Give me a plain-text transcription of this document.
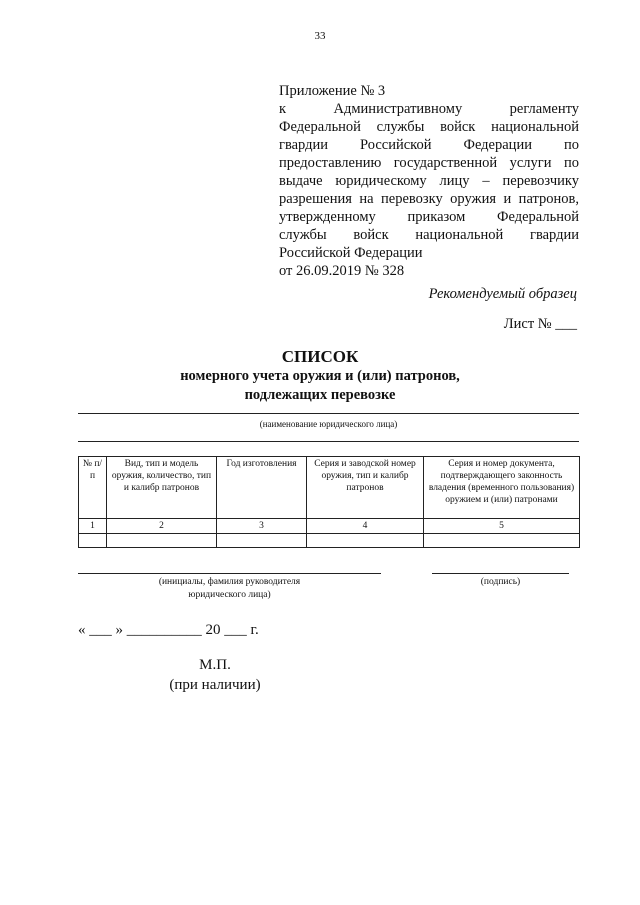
33
Приложение № 3
к Административному регламенту
Федеральной службы войск национальной
гвардии Российской Федерации по
предоставлению государственной услуги по
выдаче юридическому лицу – перевозчику
разрешения на перевозку оружия и патронов,
утвержденному приказом Федеральной
службы войск национальной гвардии
Российской Федерации
от 26.09.2019 № 328
Рекомендуемый образец
Лист № ___
СПИСОК
номерного учета оружия и (или) патронов,
подлежащих перевозке
(наименование юридического лица)
№ п/п	Вид, тип и модель оружия, количество, тип и калибр патронов	Год изготовления	Серия и заводской номер оружия, тип и калибр патронов	Серия и номер документа, подтверждающего законность владения (временного пользования) оружием и (или) патронами
1	2	3	4	5

(инициалы, фамилия руководителя
юридического лица)
(подпись)
« ___ » __________ 20 ___ г.
М.П.
(при наличии)
